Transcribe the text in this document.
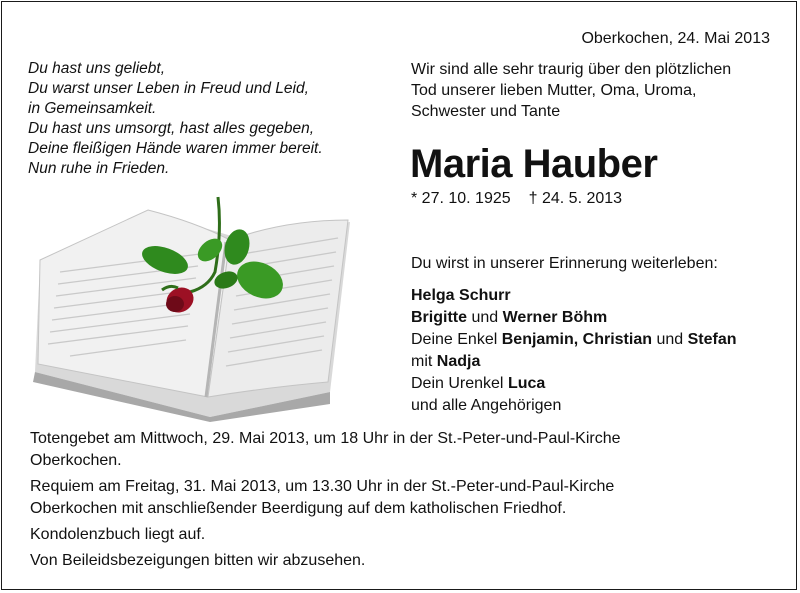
Du hast uns geliebt,
Du warst unser Leben in Freud und Leid,
in Gemeinsamkeit.
Du hast uns umsorgt, hast alles gegeben,
Deine fleißigen Hände waren immer bereit.
Nun ruhe in Frieden.
Oberkochen, 24. Mai 2013
Wir sind alle sehr traurig über den plötzlichen
Tod unserer lieben Mutter, Oma, Uroma,
Schwester und Tante
Maria Hauber
* 27. 10. 1925 † 24. 5. 2013
Du wirst in unserer Erinnerung weiterleben:
Helga Schurr
Brigitte und Werner Böhm
Deine Enkel Benjamin, Christian und Stefan
mit Nadja
Dein Urenkel Luca
und alle Angehörigen

Totengebet am Mittwoch, 29. Mai 2013, um 18 Uhr in der St.-Peter-und-Paul-Kirche
Oberkochen.

Requiem am Freitag, 31. Mai 2013, um 13.30 Uhr in der St.-Peter-und-Paul-Kirche
Oberkochen mit anschließender Beerdigung auf dem katholischen Friedhof.

Kondolenzbuch liegt auf.

Von Beileidsbezeigungen bitten wir abzusehen.
